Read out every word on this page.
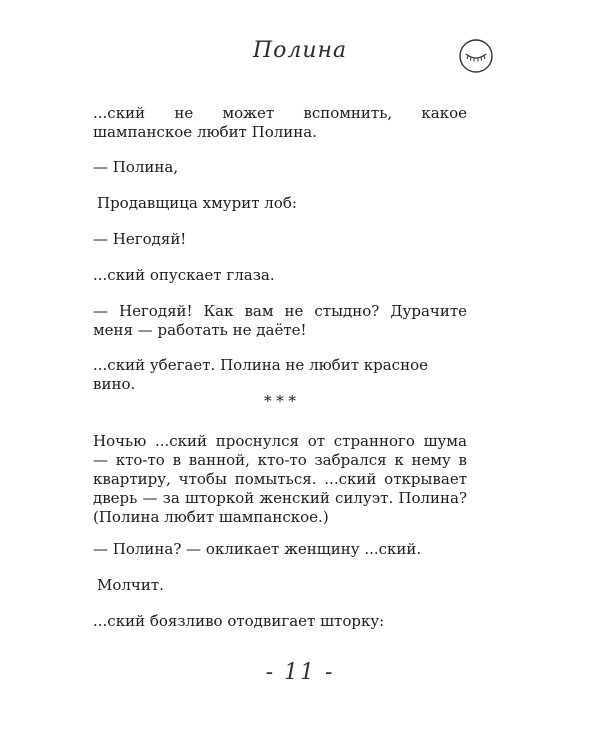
Полина

...ский не может вспомнить, какое шампанское любит Полина.

— Полина,

Продавщица хмурит лоб:

— Негодяй!

...ский опускает глаза.

— Негодяй! Как вам не стыдно? Дурачите меня — работать не даёте!

...ский убегает. Полина не любит красное вино.

* * *

Ночью ...ский проснулся от странного шума — кто-то в ванной, кто-то забрался к нему в квартиру, чтобы помыться. ...ский открывает дверь — за шторкой женский силуэт. Полина? (Полина любит шампанское.)

— Полина? — окликает женщину ...ский.

Молчит.

...ский боязливо отодвигает шторку:

- 11 -
